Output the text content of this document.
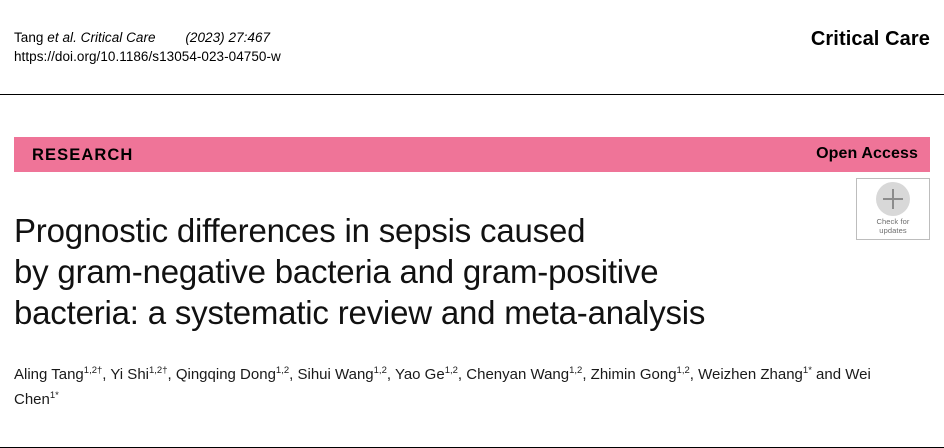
Tang et al. Critical Care (2023) 27:467
https://doi.org/10.1186/s13054-023-04750-w
Critical Care
RESEARCH	Open Access
Check for
updates
Prognostic differences in sepsis caused
by gram-negative bacteria and gram-positive
bacteria: a systematic review and meta-analysis
Aling Tang$^{1,2\dagger}$, Yi Shi$^{1,2\dagger}$, Qingqing Dong$^{1,2}$, Sihui Wang$^{1,2}$, Yao Ge$^{1,2}$, Chenyan Wang$^{1,2}$, Zhimin Gong$^{1,2}$, Weizhen Zhang$^{1*}$ and Wei Chen$^{1*}$
